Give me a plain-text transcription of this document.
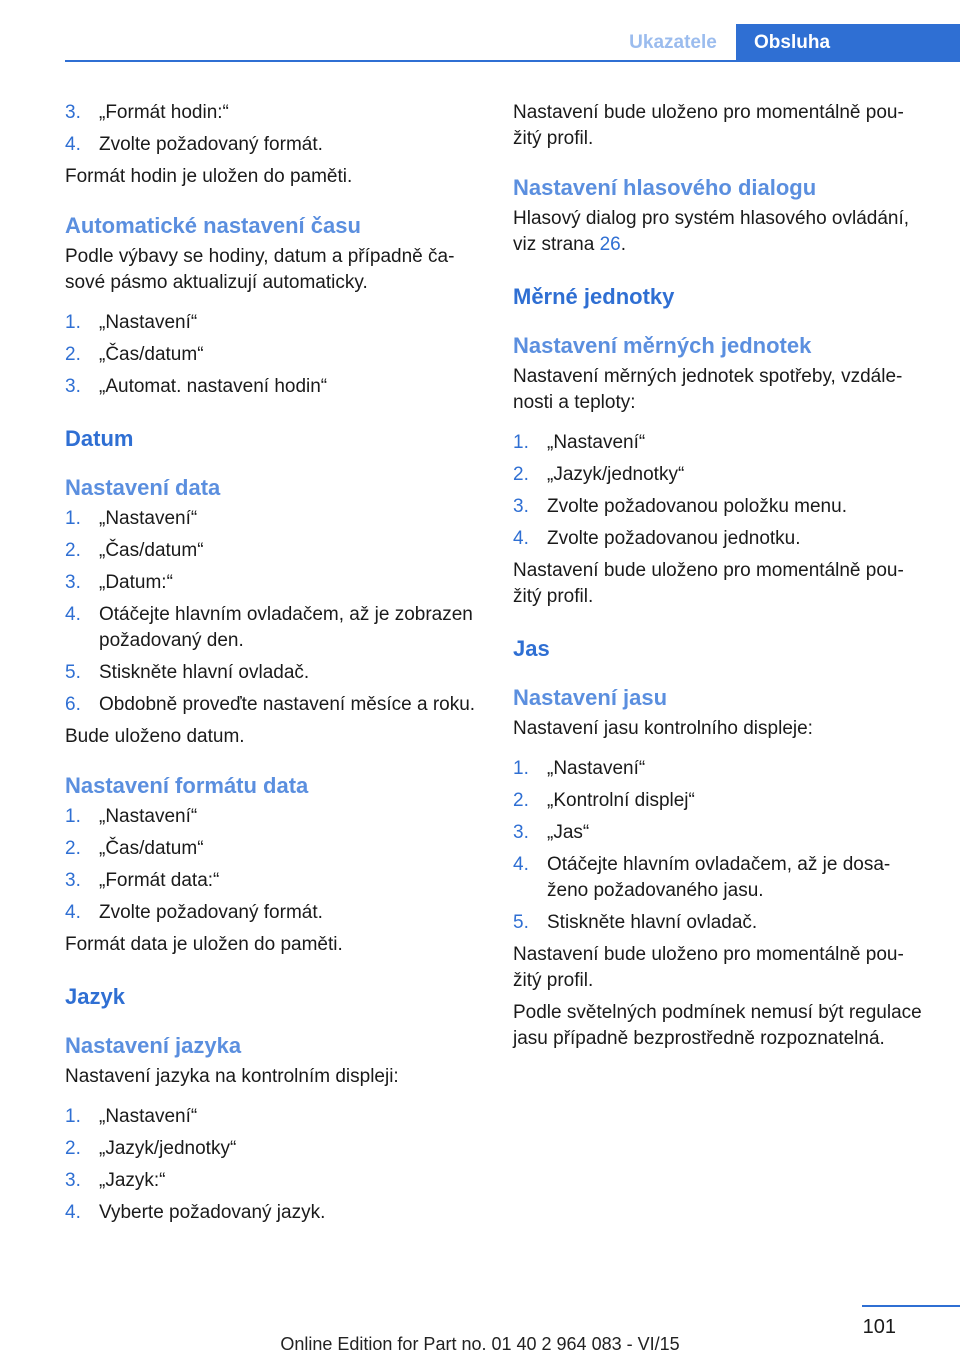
Ukazatele	Obsluha
3. „Formát hodin:“
4. Zvolte požadovaný formát.

Formát hodin je uložen do paměti.

Automatické nastavení času

Podle výbavy se hodiny, datum a případně časové pásmo aktualizují automaticky.

1. „Nastavení“
2. „Čas/datum“
3. „Automat. nastavení hodin“
Datum
Nastavení data
1. „Nastavení“
2. „Čas/datum“
3. „Datum:“
4. Otáčejte hlavním ovladačem, až je zobrazen požadovaný den.
5. Stiskněte hlavní ovladač.
6. Obdobně proveďte nastavení měsíce a roku.

Bude uloženo datum.

Nastavení formátu data
1. „Nastavení“
2. „Čas/datum“
3. „Formát data:“
4. Zvolte požadovaný formát.

Formát data je uložen do paměti.

Jazyk
Nastavení jazyka

Nastavení jazyka na kontrolním displeji:

1. „Nastavení“
2. „Jazyk/jednotky“
3. „Jazyk:“
4. Vyberte požadovaný jazyk.

Nastavení bude uloženo pro momentálně použitý profil.

Nastavení hlasového dialogu

Hlasový dialog pro systém hlasového ovládání, viz strana 26.

Měrné jednotky
Nastavení měrných jednotek

Nastavení měrných jednotek spotřeby, vzdálenosti a teploty:

1. „Nastavení“
2. „Jazyk/jednotky“
3. Zvolte požadovanou položku menu.
4. Zvolte požadovanou jednotku.

Nastavení bude uloženo pro momentálně použitý profil.

Jas
Nastavení jasu

Nastavení jasu kontrolního displeje:

1. „Nastavení“
2. „Kontrolní displej“
3. „Jas“
4. Otáčejte hlavním ovladačem, až je dosaženo požadovaného jasu.
5. Stiskněte hlavní ovladač.

Nastavení bude uloženo pro momentálně použitý profil.

Podle světelných podmínek nemusí být regulace jasu případně bezprostředně rozpoznatelná.

101
Online Edition for Part no. 01 40 2 964 083 - VI/15
